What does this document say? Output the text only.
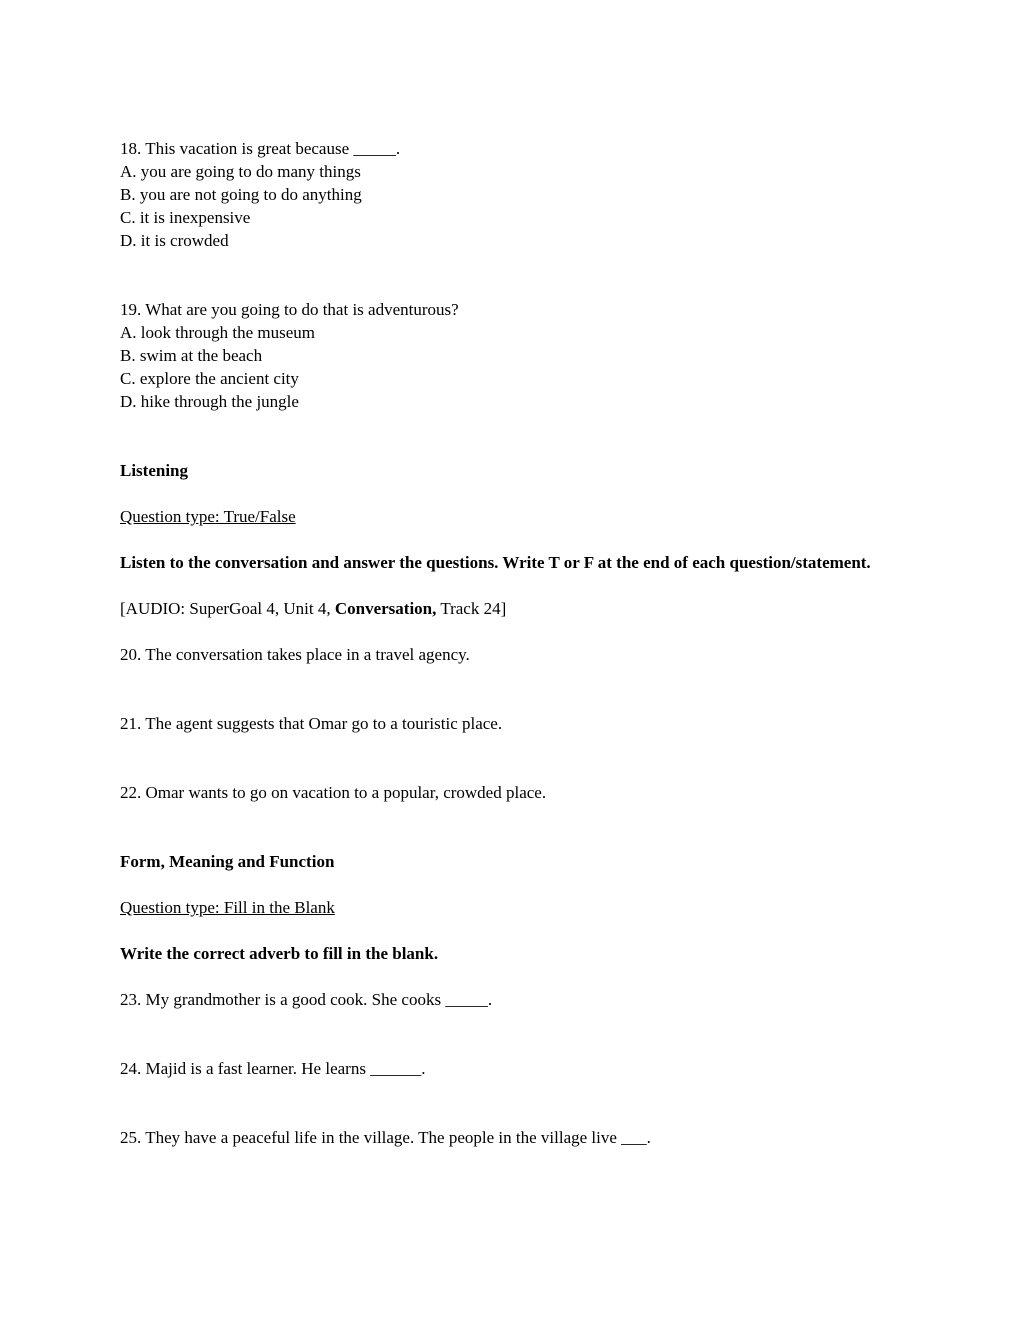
18. This vacation is great because _____.

A. you are going to do many things

B. you are not going to do anything

C. it is inexpensive

D. it is crowded

19. What are you going to do that is adventurous?

A. look through the museum

B. swim at the beach

C. explore the ancient city

D. hike through the jungle

Listening

Question type: True/False

Listen to the conversation and answer the questions. Write T or F at the end of each question/statement.

[AUDIO: SuperGoal 4, Unit 4, Conversation, Track 24]

20. The conversation takes place in a travel agency.

21. The agent suggests that Omar go to a touristic place.

22. Omar wants to go on vacation to a popular, crowded place.

Form, Meaning and Function

Question type: Fill in the Blank

Write the correct adverb to fill in the blank.

23. My grandmother is a good cook. She cooks _____.

24. Majid is a fast learner. He learns ______.

25. They have a peaceful life in the village. The people in the village live ___.
